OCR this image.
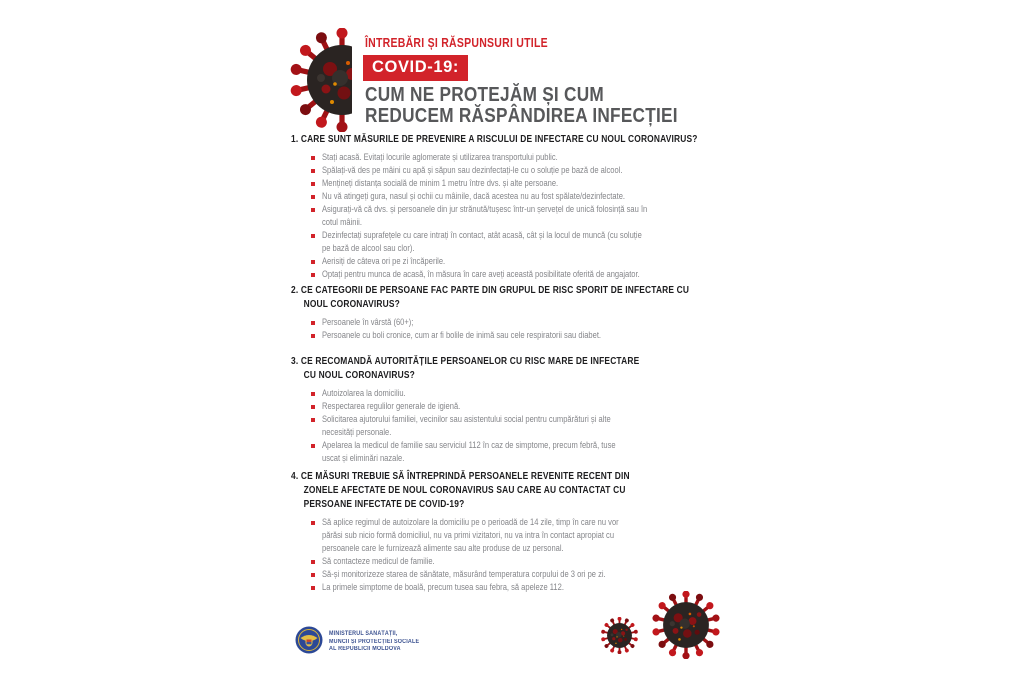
ÎNTREBĂRI ȘI RĂSPUNSURI UTILE
COVID-19:
CUM NE PROTEJĂM ȘI CUM
REDUCEM RĂSPÂNDIREA INFECȚIEI
1. CARE SUNT MĂSURILE DE PREVENIRE A RISCULUI DE INFECTARE CU NOUL CORONAVIRUS?
Stați acasă. Evitați locurile aglomerate și utilizarea transportului public.
Spălați-vă des pe mâini cu apă și săpun sau dezinfectați-le cu o soluție pe bază de alcool.
Mențineți distanța socială de minim 1 metru între dvs. și alte persoane.
Nu vă atingeți gura, nasul și ochii cu mâinile, dacă acestea nu au fost spălate/dezinfectate.
Asigurați-vă că dvs. și persoanele din jur strănută/tușesc într-un șervețel de unică folosință sau în
cotul mâinii.
Dezinfectați suprafețele cu care intrați în contact, atât acasă, cât și la locul de muncă (cu soluție
pe bază de alcool sau clor).
Aerisiți de câteva ori pe zi încăperile.
Optați pentru munca de acasă, în măsura în care aveți această posibilitate oferită de angajator.
2. CE CATEGORII DE PERSOANE FAC PARTE DIN GRUPUL DE RISC SPORIT DE INFECTARE CU
NOUL CORONAVIRUS?
Persoanele în vârstă (60+);
Persoanele cu boli cronice, cum ar fi bolile de inimă sau cele respiratorii sau diabet.
3. CE RECOMANDĂ AUTORITĂȚILE PERSOANELOR CU RISC MARE DE INFECTARE
CU NOUL CORONAVIRUS?
Autoizolarea la domiciliu.
Respectarea regulilor generale de igienă.
Solicitarea ajutorului familiei, vecinilor sau asistentului social pentru cumpărături și alte
necesități personale.
Apelarea la medicul de familie sau serviciul 112 în caz de simptome, precum febră, tuse
uscat și eliminări nazale.
4. CE MĂSURI TREBUIE SĂ ÎNTREPRINDĂ PERSOANELE REVENITE RECENT DIN
ZONELE AFECTATE DE NOUL CORONAVIRUS SAU CARE AU CONTACTAT CU
PERSOANE INFECTATE DE COVID-19?
Să aplice regimul de autoizolare la domiciliu pe o perioadă de 14 zile, timp în care nu vor
părăsi sub nicio formă domiciliul, nu va primi vizitatori, nu va intra în contact apropiat cu
persoanele care le furnizează alimente sau alte produse de uz personal.
Să contacteze medicul de familie.
Să-și monitorizeze starea de sănătate, măsurând temperatura corpului de 3 ori pe zi.
La primele simptome de boală, precum tusea sau febra, să apeleze 112.
MINISTERUL SĂNĂTĂȚII,
MUNCII ȘI PROTECȚIEI SOCIALE
AL REPUBLICII MOLDOVA
